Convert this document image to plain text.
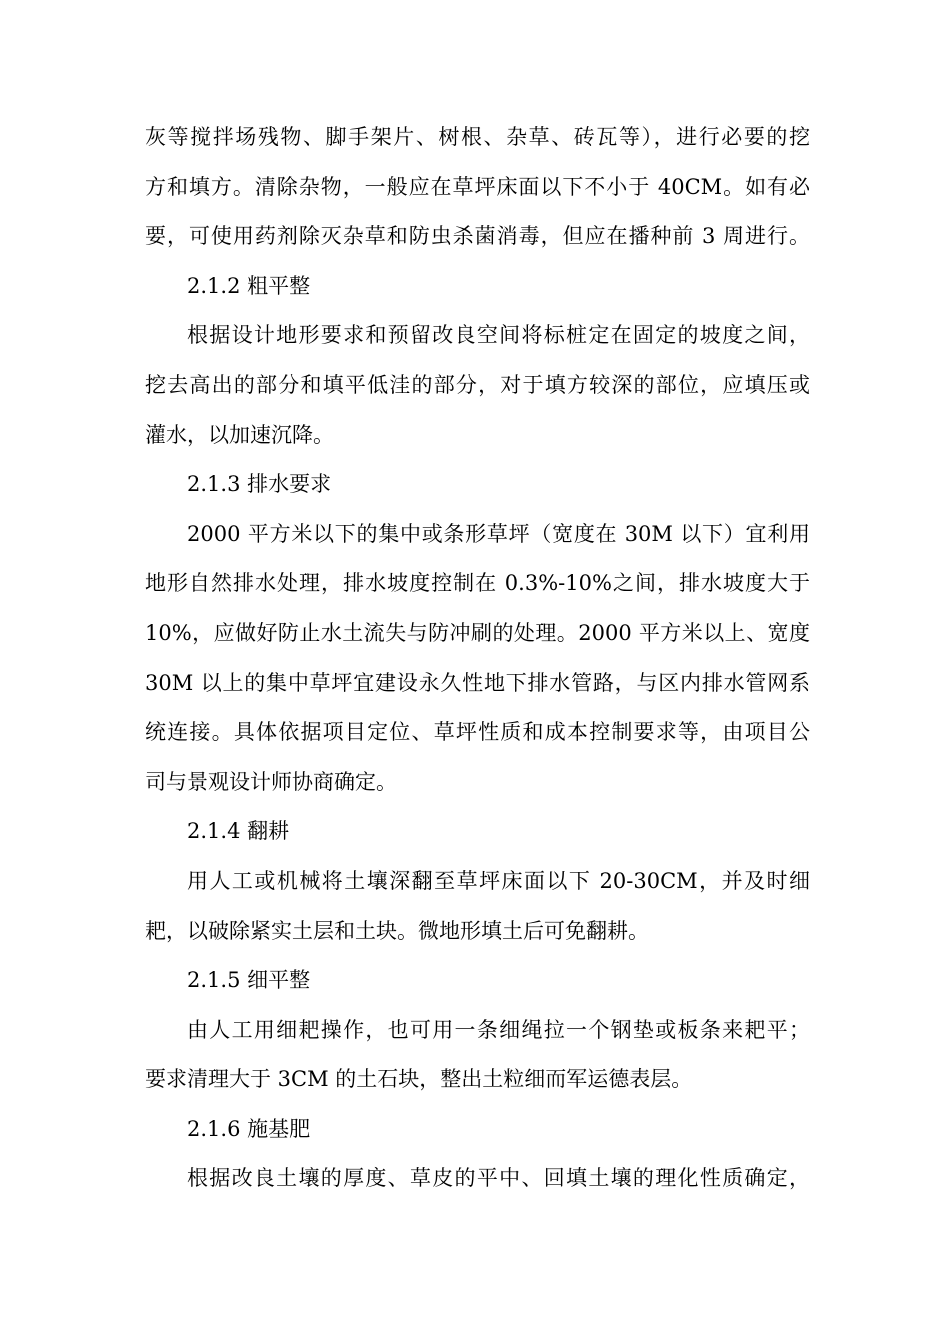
灰等搅拌场残物、脚手架片、树根、杂草、砖瓦等），进行必要的挖
方和填方。清除杂物，一般应在草坪床面以下不小于 40CM。如有必
要，可使用药剂除灭杂草和防虫杀菌消毒，但应在播种前 3 周进行。
2.1.2 粗平整
根据设计地形要求和预留改良空间将标桩定在固定的坡度之间，
挖去高出的部分和填平低洼的部分，对于填方较深的部位，应填压或
灌水，以加速沉降。
2.1.3 排水要求
2000 平方米以下的集中或条形草坪（宽度在 30M 以下）宜利用
地形自然排水处理，排水坡度控制在 0.3%-10%之间，排水坡度大于
10%，应做好防止水土流失与防冲刷的处理。2000 平方米以上、宽度
30M 以上的集中草坪宜建设永久性地下排水管路，与区内排水管网系
统连接。具体依据项目定位、草坪性质和成本控制要求等，由项目公
司与景观设计师协商确定。
2.1.4 翻耕
用人工或机械将土壤深翻至草坪床面以下 20-30CM，并及时细
耙，以破除紧实土层和土块。微地形填土后可免翻耕。
2.1.5 细平整
由人工用细耙操作，也可用一条细绳拉一个钢垫或板条来耙平；
要求清理大于 3CM 的土石块，整出土粒细而军运德表层。
2.1.6 施基肥
根据改良土壤的厚度、草皮的平中、回填土壤的理化性质确定，
